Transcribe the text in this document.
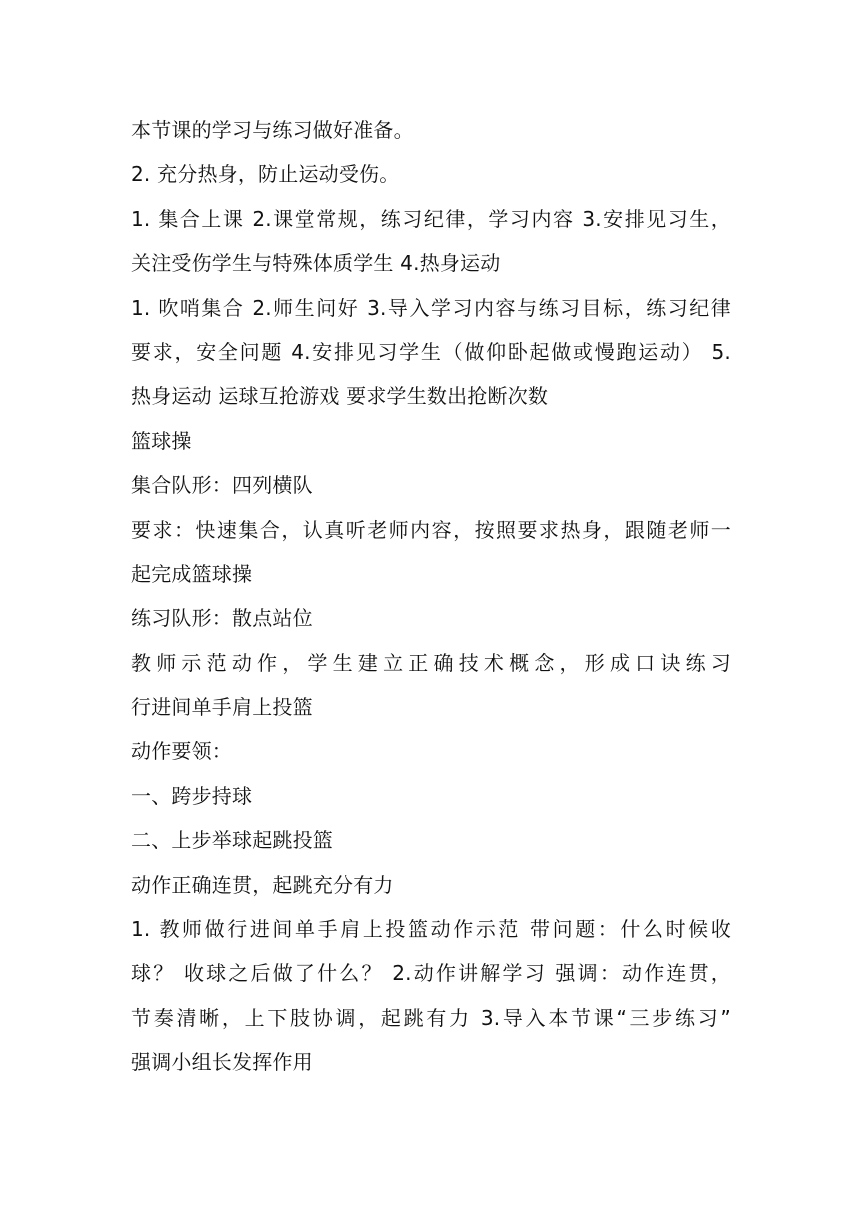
本节课的学习与练习做好准备。
2. 充分热身，防止运动受伤。
1. 集合上课 2.课堂常规，练习纪律，学习内容 3.安排见习生，
关注受伤学生与特殊体质学生 4.热身运动
1. 吹哨集合 2.师生问好 3.导入学习内容与练习目标，练习纪律
要求，安全问题 4.安排见习学生（做仰卧起做或慢跑运动） 5.
热身运动 运球互抢游戏 要求学生数出抢断次数
篮球操
集合队形：四列横队
要求：快速集合，认真听老师内容，按照要求热身，跟随老师一
起完成篮球操
练习队形：散点站位
教师示范动作，学生建立正确技术概念，形成口诀练习
行进间单手肩上投篮
动作要领：
一、跨步持球
二、上步举球起跳投篮
动作正确连贯，起跳充分有力
1. 教师做行进间单手肩上投篮动作示范 带问题：什么时候收
球？ 收球之后做了什么？ 2.动作讲解学习 强调：动作连贯，
节奏清晰，上下肢协调，起跳有力 3.导入本节课“三步练习”
强调小组长发挥作用
